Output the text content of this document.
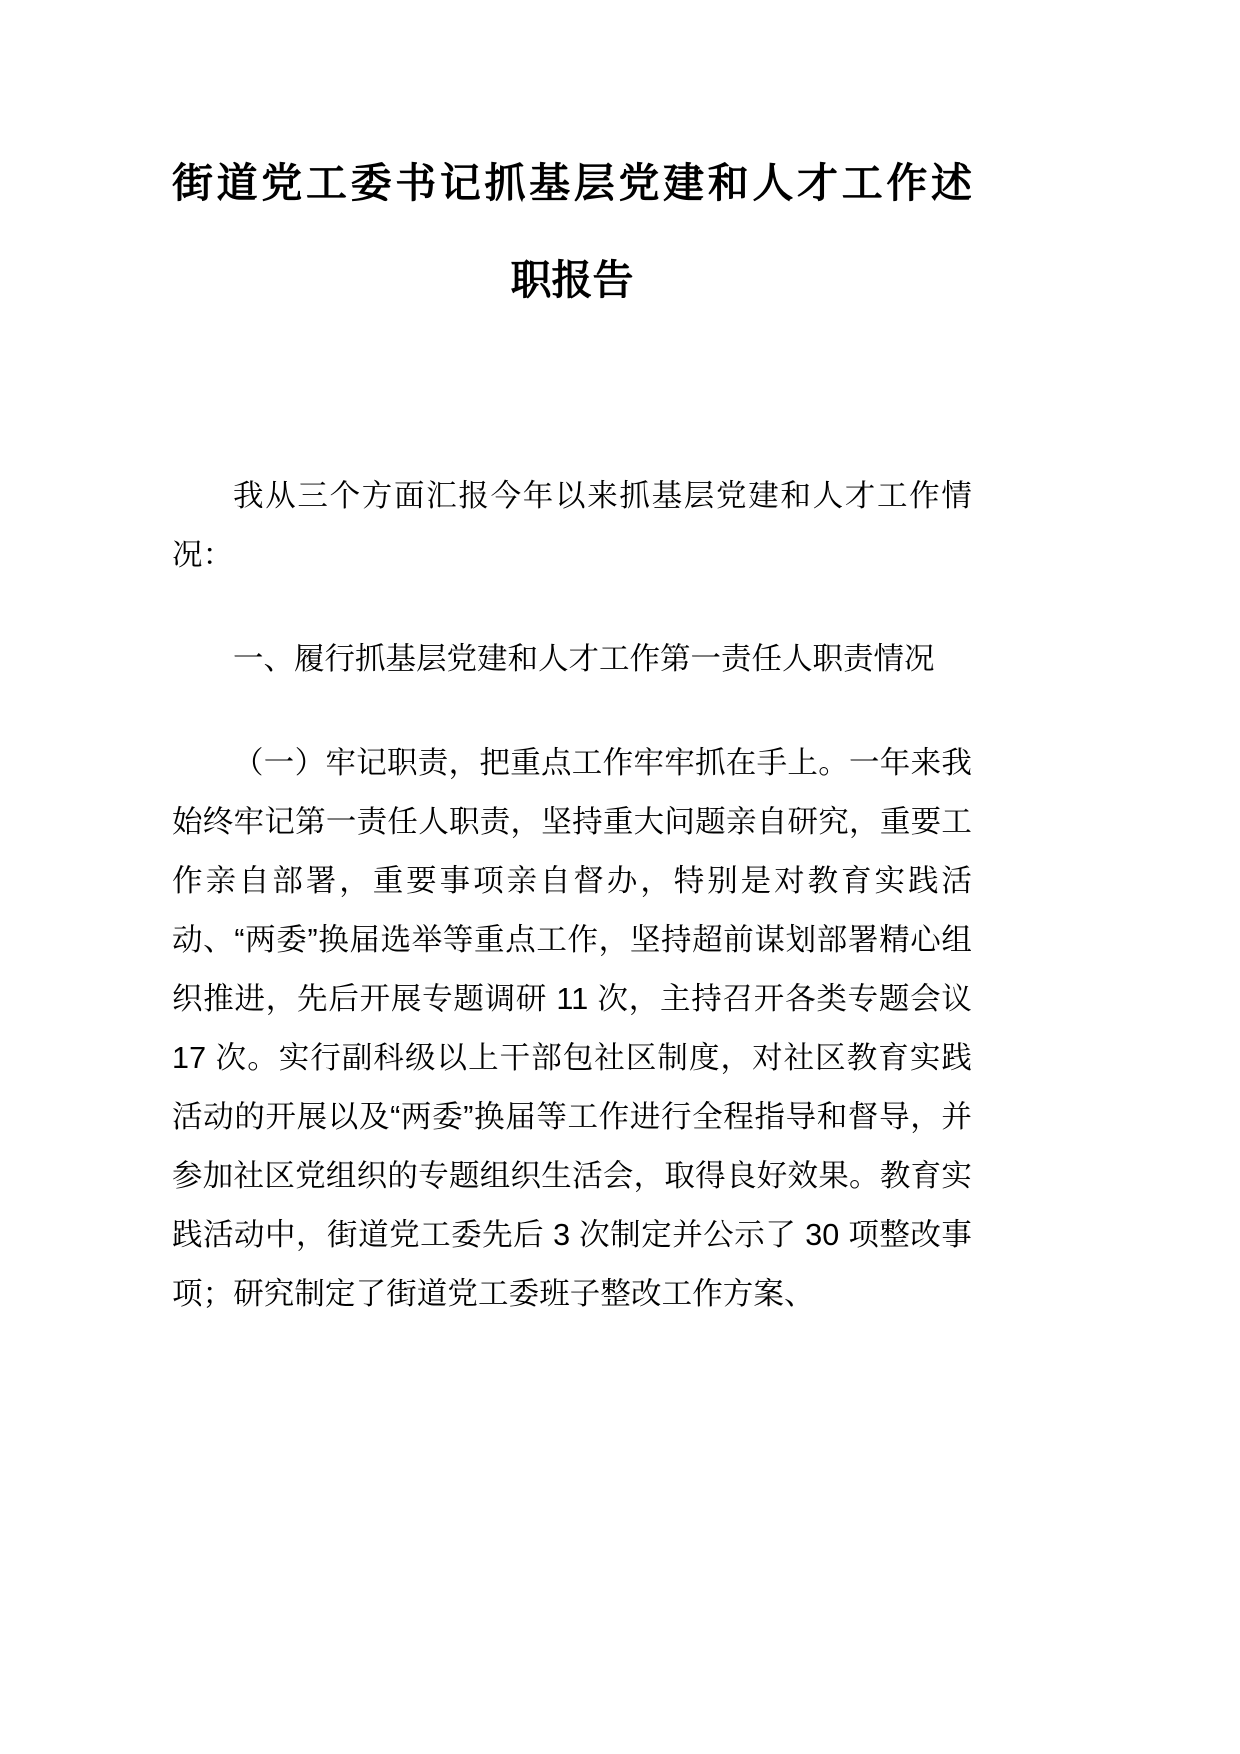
街道党工委书记抓基层党建和人才工作述
职报告

我从三个方面汇报今年以来抓基层党建和人才工作情况：

一、履行抓基层党建和人才工作第一责任人职责情况

（一）牢记职责，把重点工作牢牢抓在手上。一年来我始终牢记第一责任人职责，坚持重大问题亲自研究，重要工作亲自部署，重要事项亲自督办，特别是对教育实践活动、“两委”换届选举等重点工作，坚持超前谋划部署精心组织推进，先后开展专题调研 11 次，主持召开各类专题会议 17 次。实行副科级以上干部包社区制度，对社区教育实践活动的开展以及“两委”换届等工作进行全程指导和督导，并参加社区党组织的专题组织生活会，取得良好效果。教育实践活动中，街道党工委先后 3 次制定并公示了 30 项整改事项；研究制定了街道党工委班子整改工作方案、
